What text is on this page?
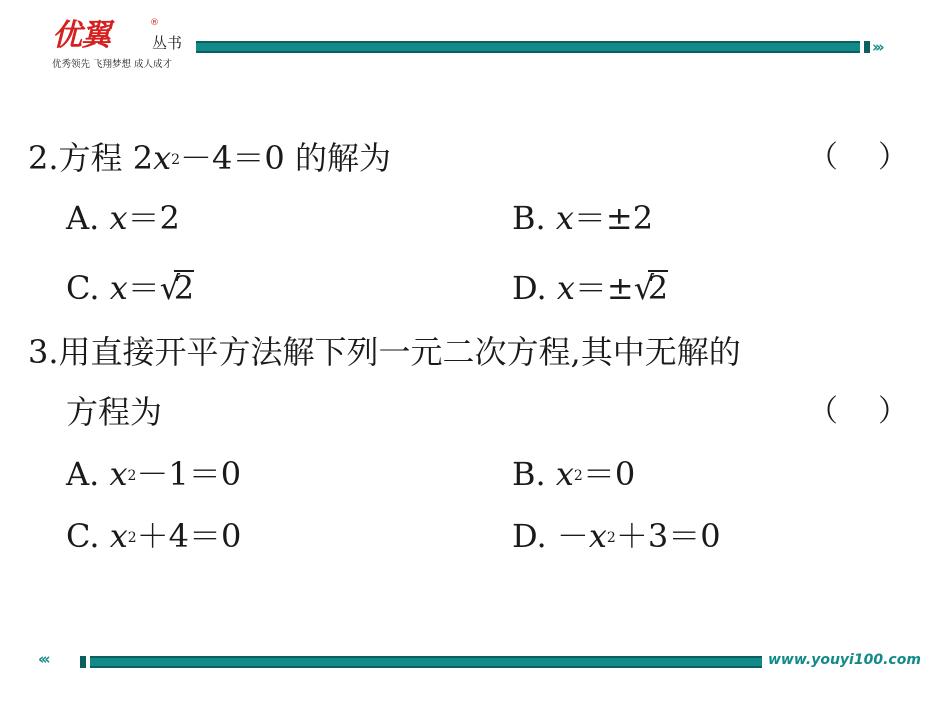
优翼	®
丛书
优秀领先 飞翔梦想 成人成才
›››
2.方程 $2x^2-4=0$ 的解为	（ ）
A. x＝2	B. x＝±2
C. x＝ √ 2	D. x＝± √ 2
3.用直接开平方法解下列一元二次方程,其中无解的
方程为	（ ）
A. $x^2-1=0$	B. $x^2=0$
C. $x^2+4=0$	D. $-x^2+3=0$
‹‹‹	www.youyi100.com
